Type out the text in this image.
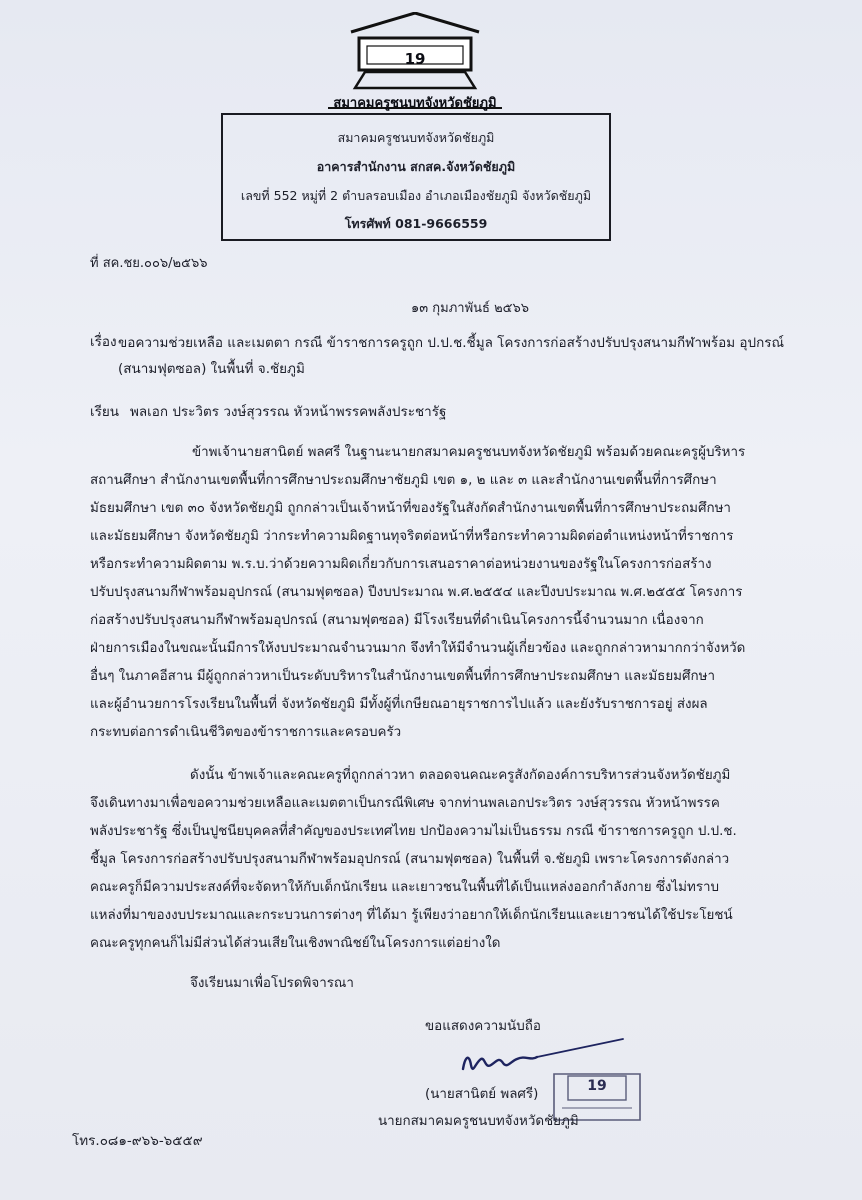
19
สมาคมครูชนบทจังหวัดชัยภูมิ
สมาคมครูชนบทจังหวัดชัยภูมิ
อาคารสำนักงาน สกสค.จังหวัดชัยภูมิ
เลขที่ 552 หมู่ที่ 2 ตำบลรอบเมือง อำเภอเมืองชัยภูมิ จังหวัดชัยภูมิ
โทรศัพท์ 081-9666559
ที่ สค.ชย.๐๐๖/๒๕๖๖
๑๓ กุมภาพันธ์ ๒๕๖๖
เรื่อง ขอความช่วยเหลือ และเมตตา กรณี ข้าราชการครูถูก ป.ป.ช.ชี้มูล โครงการก่อสร้างปรับปรุงสนามกีฬาพร้อม อุปกรณ์ (สนามฟุตซอล) ในพื้นที่ จ.ชัยภูมิ
เรียน พลเอก ประวิตร วงษ์สุวรรณ หัวหน้าพรรคพลังประชารัฐ
ข้าพเจ้านายสานิตย์ พลศรี ในฐานะนายกสมาคมครูชนบทจังหวัดชัยภูมิ พร้อมด้วยคณะครูผู้บริหาร
สถานศึกษา สำนักงานเขตพื้นที่การศึกษาประถมศึกษาชัยภูมิ เขต ๑, ๒ และ ๓ และสำนักงานเขตพื้นที่การศึกษา
มัธยมศึกษา เขต ๓๐ จังหวัดชัยภูมิ ถูกกล่าวเป็นเจ้าหน้าที่ของรัฐในสังกัดสำนักงานเขตพื้นที่การศึกษาประถมศึกษา
และมัธยมศึกษา จังหวัดชัยภูมิ ว่ากระทำความผิดฐานทุจริตต่อหน้าที่หรือกระทำความผิดต่อตำแหน่งหน้าที่ราชการ
หรือกระทำความผิดตาม พ.ร.บ.ว่าด้วยความผิดเกี่ยวกับการเสนอราคาต่อหน่วยงานของรัฐในโครงการก่อสร้าง
ปรับปรุงสนามกีฬาพร้อมอุปกรณ์ (สนามฟุตซอล) ปีงบประมาณ พ.ศ.๒๕๕๔ และปีงบประมาณ พ.ศ.๒๕๕๕ โครงการ
ก่อสร้างปรับปรุงสนามกีฬาพร้อมอุปกรณ์ (สนามฟุตซอล) มีโรงเรียนที่ดำเนินโครงการนี้จำนวนมาก เนื่องจาก
ฝ่ายการเมืองในขณะนั้นมีการให้งบประมาณจำนวนมาก จึงทำให้มีจำนวนผู้เกี่ยวข้อง และถูกกล่าวหามากกว่าจังหวัด
อื่นๆ ในภาคอีสาน มีผู้ถูกกล่าวหาเป็นระดับบริหารในสำนักงานเขตพื้นที่การศึกษาประถมศึกษา และมัธยมศึกษา
และผู้อำนวยการโรงเรียนในพื้นที่ จังหวัดชัยภูมิ มีทั้งผู้ที่เกษียณอายุราชการไปแล้ว และยังรับราชการอยู่ ส่งผล
กระทบต่อการดำเนินชีวิตของข้าราชการและครอบครัว
ดังนั้น ข้าพเจ้าและคณะครูที่ถูกกล่าวหา ตลอดจนคณะครูสังกัดองค์การบริหารส่วนจังหวัดชัยภูมิ
จึงเดินทางมาเพื่อขอความช่วยเหลือและเมตตาเป็นกรณีพิเศษ จากท่านพลเอกประวิตร วงษ์สุวรรณ หัวหน้าพรรค
พลังประชารัฐ ซึ่งเป็นปูชนียบุคคลที่สำคัญของประเทศไทย ปกป้องความไม่เป็นธรรม กรณี ข้าราชการครูถูก ป.ป.ช.
ชี้มูล โครงการก่อสร้างปรับปรุงสนามกีฬาพร้อมอุปกรณ์ (สนามฟุตซอล) ในพื้นที่ จ.ชัยภูมิ เพราะโครงการดังกล่าว
คณะครูก็มีความประสงค์ที่จะจัดหาให้กับเด็กนักเรียน และเยาวชนในพื้นที่ได้เป็นแหล่งออกกำลังกาย ซึ่งไม่ทราบ
แหล่งที่มาของงบประมาณและกระบวนการต่างๆ ที่ได้มา รู้เพียงว่าอยากให้เด็กนักเรียนและเยาวชนได้ใช้ประโยชน์
คณะครูทุกคนก็ไม่มีส่วนได้ส่วนเสียในเชิงพาณิชย์ในโครงการแต่อย่างใด
จึงเรียนมาเพื่อโปรดพิจารณา
ขอแสดงความนับถือ
19
(นายสานิตย์ พลศรี)
นายกสมาคมครูชนบทจังหวัดชัยภูมิ
โทร.๐๘๑-๙๖๖-๖๕๕๙
